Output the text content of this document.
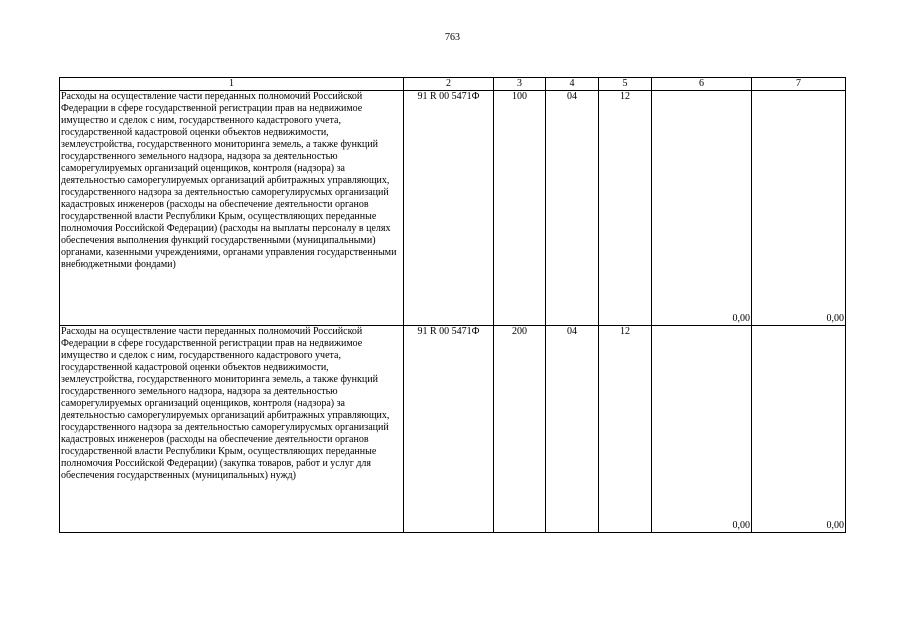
763
1	2	3	4	5	6	7
Расходы на осуществление части переданных полномочий Российской Федерации в сфере государственной регистрации прав на недвижимое имущество и сделок с ним, государственного кадастрового учета, государственной кадастровой оценки объектов недвижимости, землеустройства, государственного мониторинга земель, а также функций государственного земельного надзора, надзора за деятельностью саморегулируемых организаций оценщиков, контроля (надзора) за деятельностью саморегулируемых организаций арбитражных управляющих, государственного надзора за деятельностью саморегулирусмых организаций кадастровых инженеров (расходы на обеспечение деятельности органов государственной власти Республики Крым, осуществляющих переданные полномочия Российской Федерации) (расходы на выплаты персоналу в целях обеспечения выполнения функций государственными (муниципальными) органами, казенными учреждениями, органами управления государственными внебюджетными фондами)	91 R 00 5471Ф	100	04	12	0,00	0,00
Расходы на осуществление части переданных полномочий Российской Федерации в сфере государственной регистрации прав на недвижимое имущество и сделок с ним, государственного кадастрового учета, государственной кадастровой оценки объектов недвижимости, землеустройства, государственного мониторинга земель, а также функций государственного земельного надзора, надзора за деятельностью саморегулируемых организаций оценщиков, контроля (надзора) за деятельностью саморегулируемых организаций арбитражных управляющих, государственного надзора за деятельностью саморегулирусмых организаций кадастровых инженеров (расходы на обеспечение деятельности органов государственной власти Республики Крым, осуществляющих переданные полномочия Российской Федерации) (закупка товаров, работ и услуг для обеспечения государственных (муниципальных) нужд)	91 R 00 5471Ф	200	04	12	0,00	0,00
